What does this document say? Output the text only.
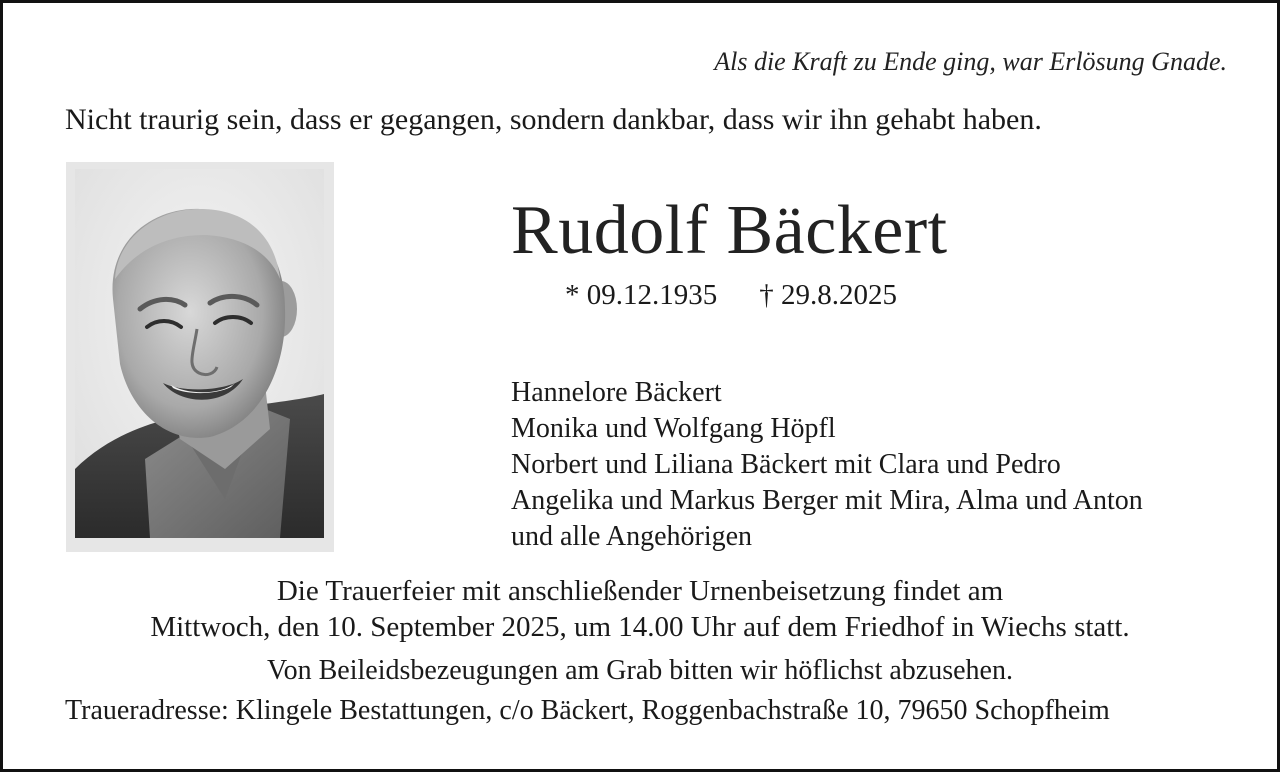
Als die Kraft zu Ende ging, war Erlösung Gnade.
Nicht traurig sein, dass er gegangen, sondern dankbar, dass wir ihn gehabt haben.
Rudolf Bäckert
* 09.12.1935 † 29.8.2025
Hannelore Bäckert
Monika und Wolfgang Höpfl
Norbert und Liliana Bäckert mit Clara und Pedro
Angelika und Markus Berger mit Mira, Alma und Anton
und alle Angehörigen
Die Trauerfeier mit anschließender Urnenbeisetzung findet am
Mittwoch, den 10. September 2025, um 14.00 Uhr auf dem Friedhof in Wiechs statt.
Von Beileidsbezeugungen am Grab bitten wir höflichst abzusehen.
Traueradresse: Klingele Bestattungen, c/o Bäckert, Roggenbachstraße 10, 79650 Schopfheim
